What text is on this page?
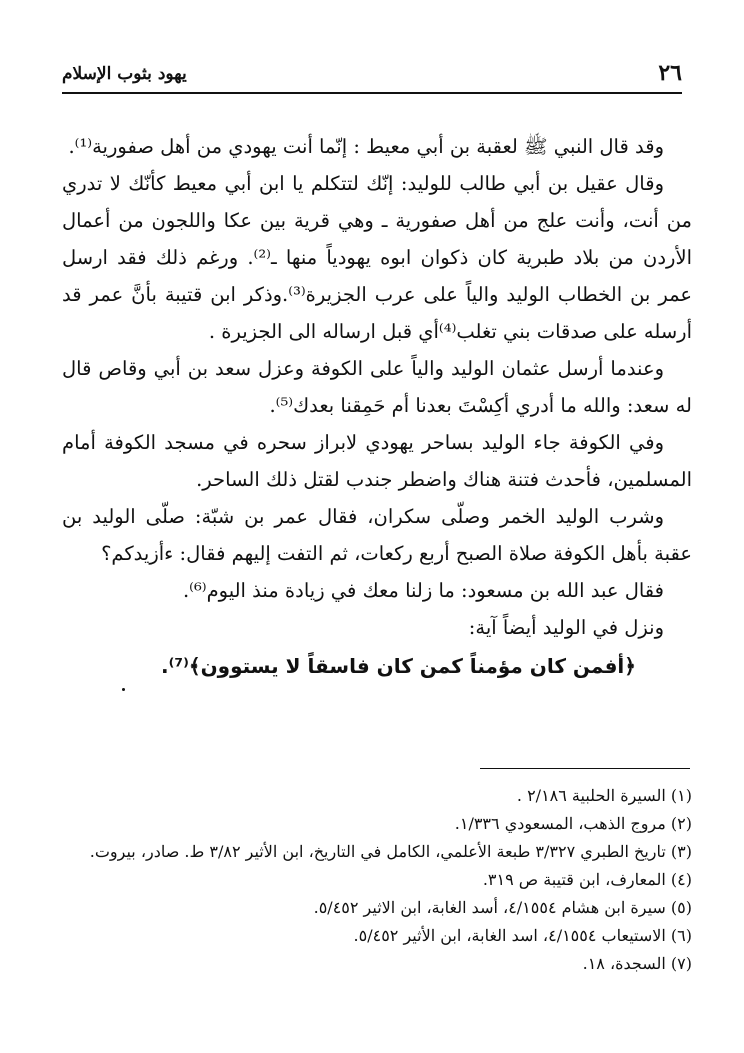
٢٦
يهود بثوب الإسلام

وقد قال النبي ﷺ لعقبة بن أبي معيط : إنّما أنت يهودي من أهل صفورية⁽¹⁾.

وقال عقيل بن أبي طالب للوليد: إنّك لتتكلم يا ابن أبي معيط كأنّك لا تدري من أنت، وأنت علج من أهل صفورية ـ وهي قرية بين عكا واللجون من أعمال الأردن من بلاد طبرية كان ذكوان ابوه يهودياً منها ـ⁽²⁾. ورغم ذلك فقد ارسل عمر بن الخطاب الوليد والياً على عرب الجزيرة⁽³⁾.وذكر ابن قتيبة بأنَّ عمر قد أرسله على صدقات بني تغلب⁽⁴⁾أي قبل ارساله الى الجزيرة .

وعندما أرسل عثمان الوليد والياً على الكوفة وعزل سعد بن أبي وقاص قال له سعد: والله ما أدري أكِسْتَ بعدنا أم حَمِقنا بعدك⁽⁵⁾.

وفي الكوفة جاء الوليد بساحر يهودي لابراز سحره في مسجد الكوفة أمام المسلمين، فأحدث فتنة هناك واضطر جندب لقتل ذلك الساحر.

وشرب الوليد الخمر وصلّى سكران، فقال عمر بن شبّة: صلّى الوليد بن عقبة بأهل الكوفة صلاة الصبح أربع ركعات، ثم التفت إليهم فقال: ءأزيدكم؟

فقال عبد الله بن مسعود: ما زلنا معك في زيادة منذ اليوم⁽⁶⁾.

ونزل في الوليد أيضاً آية:

﴿أفمن كان مؤمناً كمن كان فاسقاً لا يستوون﴾⁽⁷⁾.

(١) السيرة الحلبية ٢/١٨٦ .

(٢) مروج الذهب، المسعودي ١/٣٣٦.

(٣) تاريخ الطبري ٣/٣٢٧ طبعة الأعلمي، الكامل في التاريخ، ابن الأثير ٣/٨٢ ط. صادر، بيروت.

(٤) المعارف، ابن قتيبة ص ٣١٩.

(٥) سيرة ابن هشام ٤/١٥٥٤، أسد الغابة، ابن الاثير ٥/٤٥٢.

(٦) الاستيعاب ٤/١٥٥٤، اسد الغابة، ابن الأثير ٥/٤٥٢.

(٧) السجدة، ١٨.
